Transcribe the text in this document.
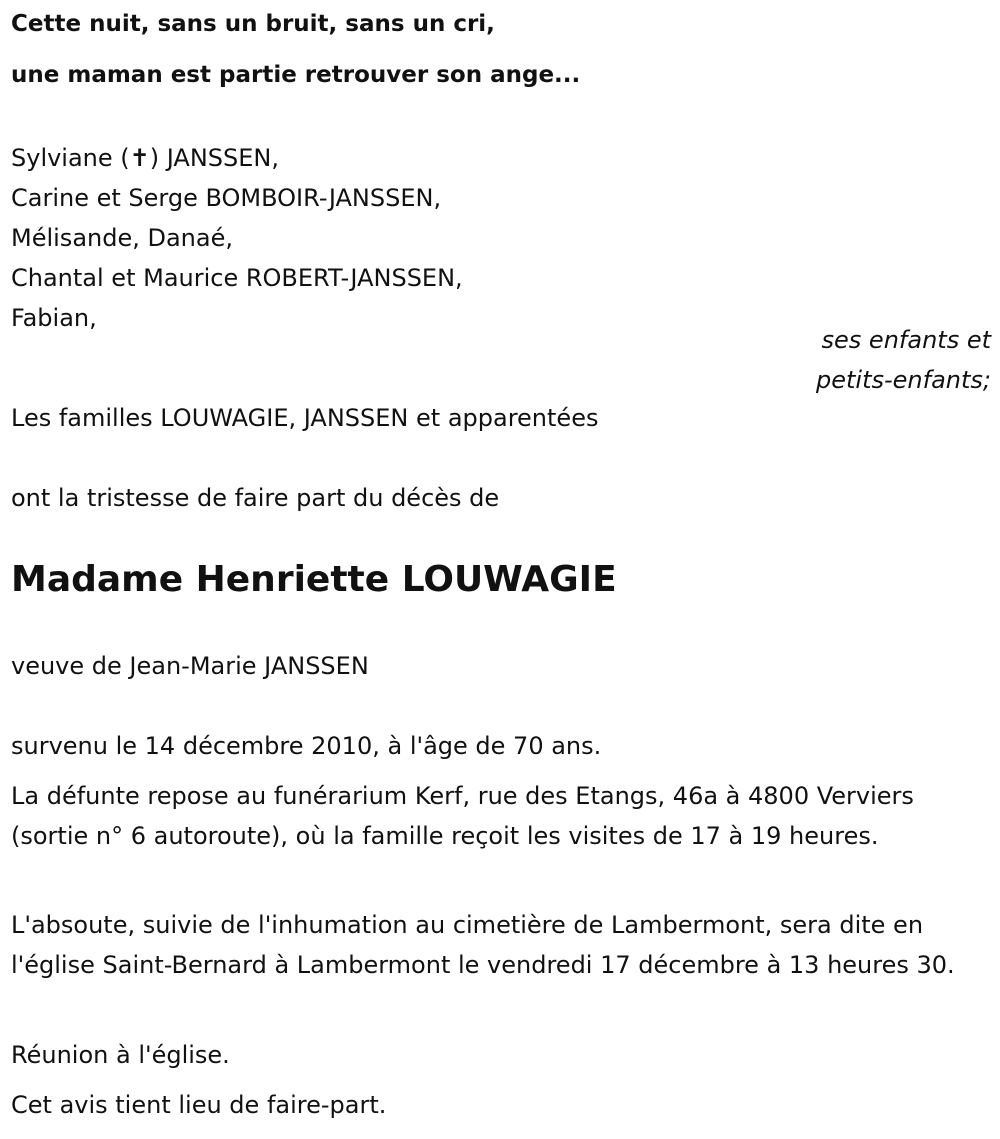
Cette nuit, sans un bruit, sans un cri,

une maman est partie retrouver son ange...

Sylviane (✝) JANSSEN,
Carine et Serge BOMBOIR-JANSSEN,
Mélisande, Danaé,
Chantal et Maurice ROBERT-JANSSEN,
Fabian,
ses enfants et
petits-enfants;

Les familles LOUWAGIE, JANSSEN et apparentées

ont la tristesse de faire part du décès de

Madame Henriette LOUWAGIE

veuve de Jean-Marie JANSSEN

survenu le 14 décembre 2010, à l'âge de 70 ans.

La défunte repose au funérarium Kerf, rue des Etangs, 46a à 4800 Verviers (sortie n° 6 autoroute), où la famille reçoit les visites de 17 à 19 heures.

L'absoute, suivie de l'inhumation au cimetière de Lambermont, sera dite en l'église Saint-Bernard à Lambermont le vendredi 17 décembre à 13 heures 30.

Réunion à l'église.

Cet avis tient lieu de faire-part.
